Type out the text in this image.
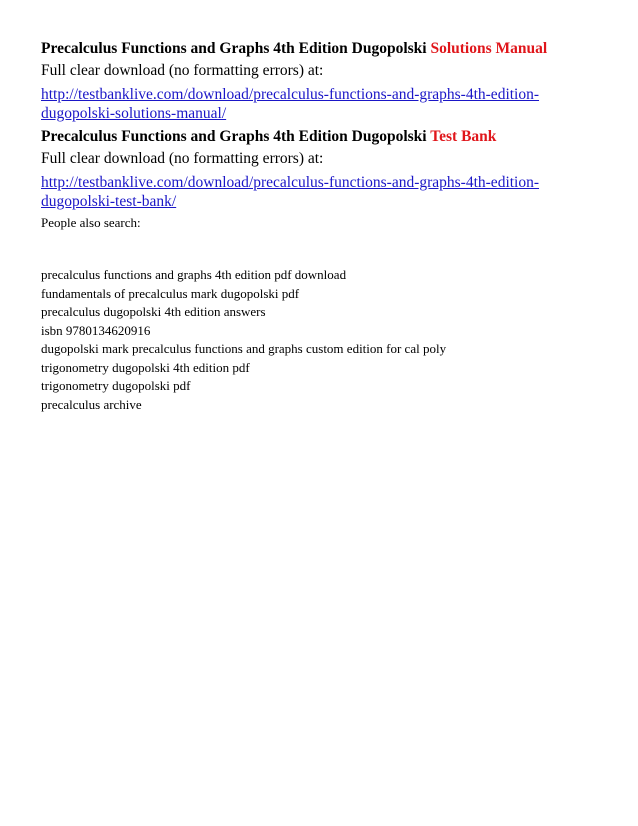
Precalculus Functions and Graphs 4th Edition Dugopolski Solutions Manual
Full clear download (no formatting errors) at:
http://testbanklive.com/download/precalculus-functions-and-graphs-4th-edition-
dugopolski-solutions-manual/
Precalculus Functions and Graphs 4th Edition Dugopolski Test Bank
Full clear download (no formatting errors) at:
http://testbanklive.com/download/precalculus-functions-and-graphs-4th-edition-
dugopolski-test-bank/
People also search:
precalculus functions and graphs 4th edition pdf download
fundamentals of precalculus mark dugopolski pdf
precalculus dugopolski 4th edition answers
isbn 9780134620916
dugopolski mark precalculus functions and graphs custom edition for cal poly
trigonometry dugopolski 4th edition pdf
trigonometry dugopolski pdf
precalculus archive
